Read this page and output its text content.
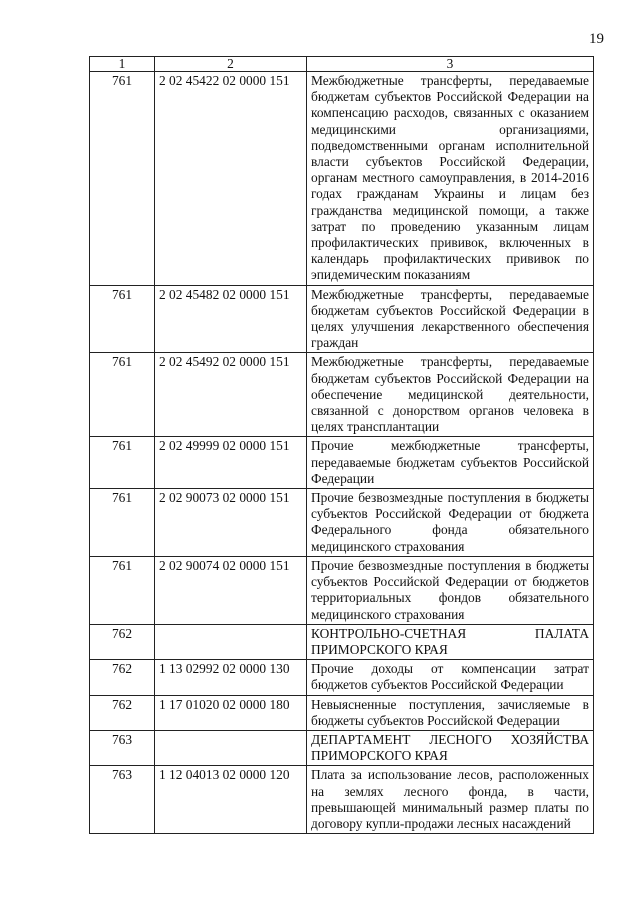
19
1	2	3
761	2 02 45422 02 0000 151	Межбюджетные трансферты, передаваемые бюджетам субъектов Российской Федерации на компенсацию расходов, связанных с оказанием медицинскими организациями, подведомственными органам исполнительной власти субъектов Российской Федерации, органам местного самоуправления, в 2014-2016 годах гражданам Украины и лицам без гражданства медицинской помощи, а также затрат по проведению указанным лицам профилактических прививок, включенных в календарь профилактических прививок по эпидемическим показаниям
761	2 02 45482 02 0000 151	Межбюджетные трансферты, передаваемые бюджетам субъектов Российской Федерации в целях улучшения лекарственного обеспечения граждан
761	2 02 45492 02 0000 151	Межбюджетные трансферты, передаваемые бюджетам субъектов Российской Федерации на обеспечение медицинской деятельности, связанной с донорством органов человека в целях трансплантации
761	2 02 49999 02 0000 151	Прочие межбюджетные трансферты, передаваемые бюджетам субъектов Российской Федерации
761	2 02 90073 02 0000 151	Прочие безвозмездные поступления в бюджеты субъектов Российской Федерации от бюджета Федерального фонда обязательного медицинского страхования
761	2 02 90074 02 0000 151	Прочие безвозмездные поступления в бюджеты субъектов Российской Федерации от бюджетов территориальных фондов обязательного медицинского страхования
762		КОНТРОЛЬНО-СЧЕТНАЯ ПАЛАТА ПРИМОРСКОГО КРАЯ
762	1 13 02992 02 0000 130	Прочие доходы от компенсации затрат бюджетов субъектов Российской Федерации
762	1 17 01020 02 0000 180	Невыясненные поступления, зачисляемые в бюджеты субъектов Российской Федерации
763		ДЕПАРТАМЕНТ ЛЕСНОГО ХОЗЯЙСТВА ПРИМОРСКОГО КРАЯ
763	1 12 04013 02 0000 120	Плата за использование лесов, расположенных на землях лесного фонда, в части, превышающей минимальный размер платы по договору купли-продажи лесных насаждений
